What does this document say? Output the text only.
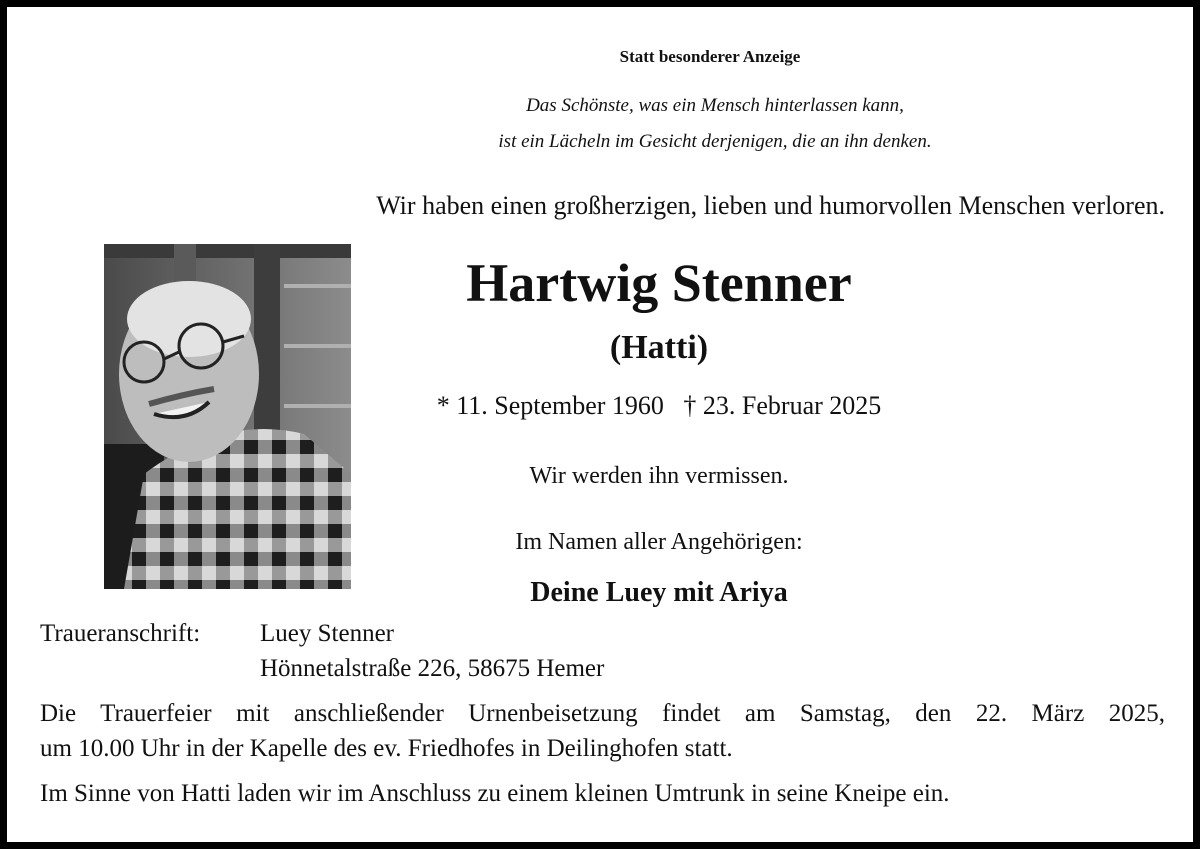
Statt besonderer Anzeige
Das Schönste, was ein Mensch hinterlassen kann,
ist ein Lächeln im Gesicht derjenigen, die an ihn denken.
Wir haben einen großherzigen, lieben und humorvollen Menschen verloren.
Hartwig Stenner
(Hatti)
* 11. September 1960   † 23. Februar 2025
Wir werden ihn vermissen.
Im Namen aller Angehörigen:
Deine Luey mit Ariya
Traueranschrift: Luey Stenner
Hönnetalstraße 226, 58675 Hemer
Die Trauerfeier mit anschließender Urnenbeisetzung findet am Samstag, den 22. März 2025,
um 10.00 Uhr in der Kapelle des ev. Friedhofes in Deilinghofen statt.
Im Sinne von Hatti laden wir im Anschluss zu einem kleinen Umtrunk in seine Kneipe ein.
